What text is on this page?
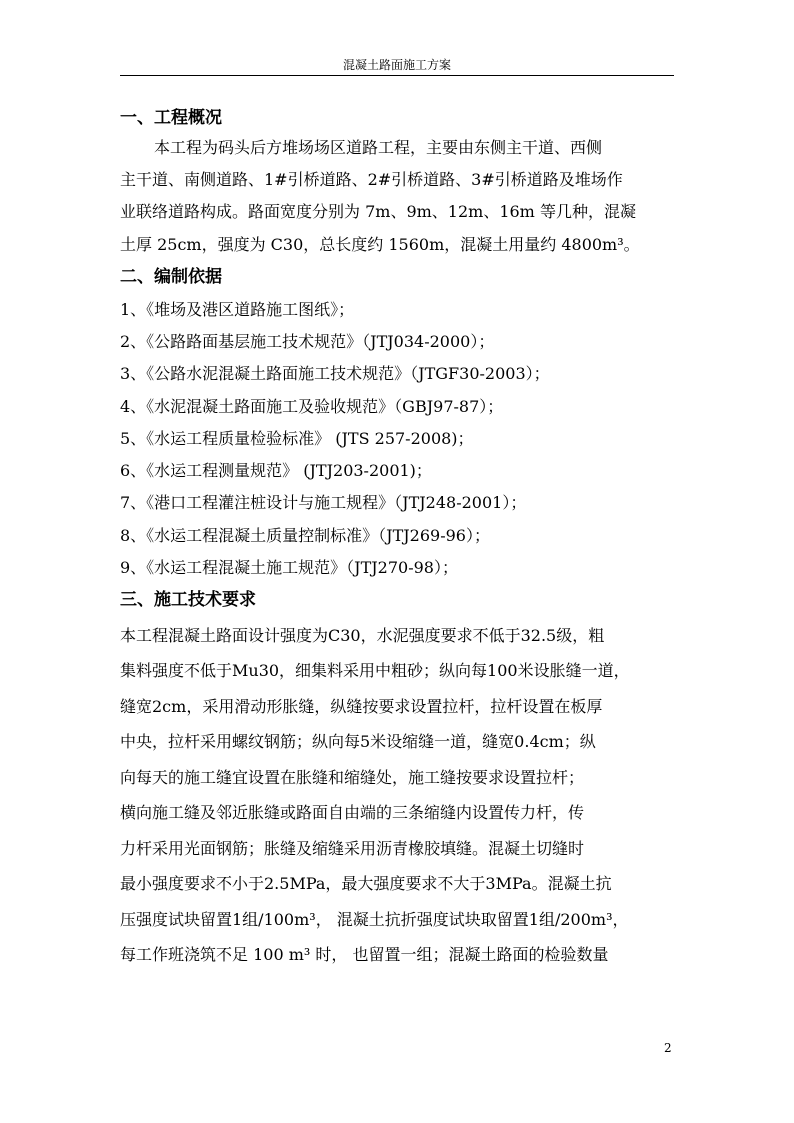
混凝土路面施工方案
一、工程概况
本工程为码头后方堆场场区道路工程，主要由东侧主干道、西侧
主干道、南侧道路、1#引桥道路、2#引桥道路、3#引桥道路及堆场作
业联络道路构成。路面宽度分别为 7m、9m、12m、16m 等几种，混凝
土厚 25cm，强度为 C30，总长度约 1560m，混凝土用量约 4800m³。
二、编制依据
1、《堆场及港区道路施工图纸》；
2、《公路路面基层施工技术规范》（JTJ034-2000）；
3、《公路水泥混凝土路面施工技术规范》（JTGF30-2003）；
4、《水泥混凝土路面施工及验收规范》（GBJ97-87）；
5、《水运工程质量检验标准》 (JTS 257-2008)；
6、《水运工程测量规范》 (JTJ203-2001)；
7、《港口工程灌注桩设计与施工规程》（JTJ248-2001）；
8、《水运工程混凝土质量控制标准》（JTJ269-96）；
9、《水运工程混凝土施工规范》（JTJ270-98）；
三、施工技术要求
本工程混凝土路面设计强度为C30，水泥强度要求不低于32.5级，粗
集料强度不低于Mu30，细集料采用中粗砂；纵向每100米设胀缝一道，
缝宽2cm，采用滑动形胀缝，纵缝按要求设置拉杆，拉杆设置在板厚
中央，拉杆采用螺纹钢筋；纵向每5米设缩缝一道，缝宽0.4cm；纵
向每天的施工缝宜设置在胀缝和缩缝处，施工缝按要求设置拉杆；
横向施工缝及邻近胀缝或路面自由端的三条缩缝内设置传力杆，传
力杆采用光面钢筋；胀缝及缩缝采用沥青橡胶填缝。混凝土切缝时
最小强度要求不小于2.5MPa，最大强度要求不大于3MPa。混凝土抗
压强度试块留置1组/100m³， 混凝土抗折强度试块取留置1组/200m³，
每工作班浇筑不足 100 m³ 时， 也留置一组；混凝土路面的检验数量
2
